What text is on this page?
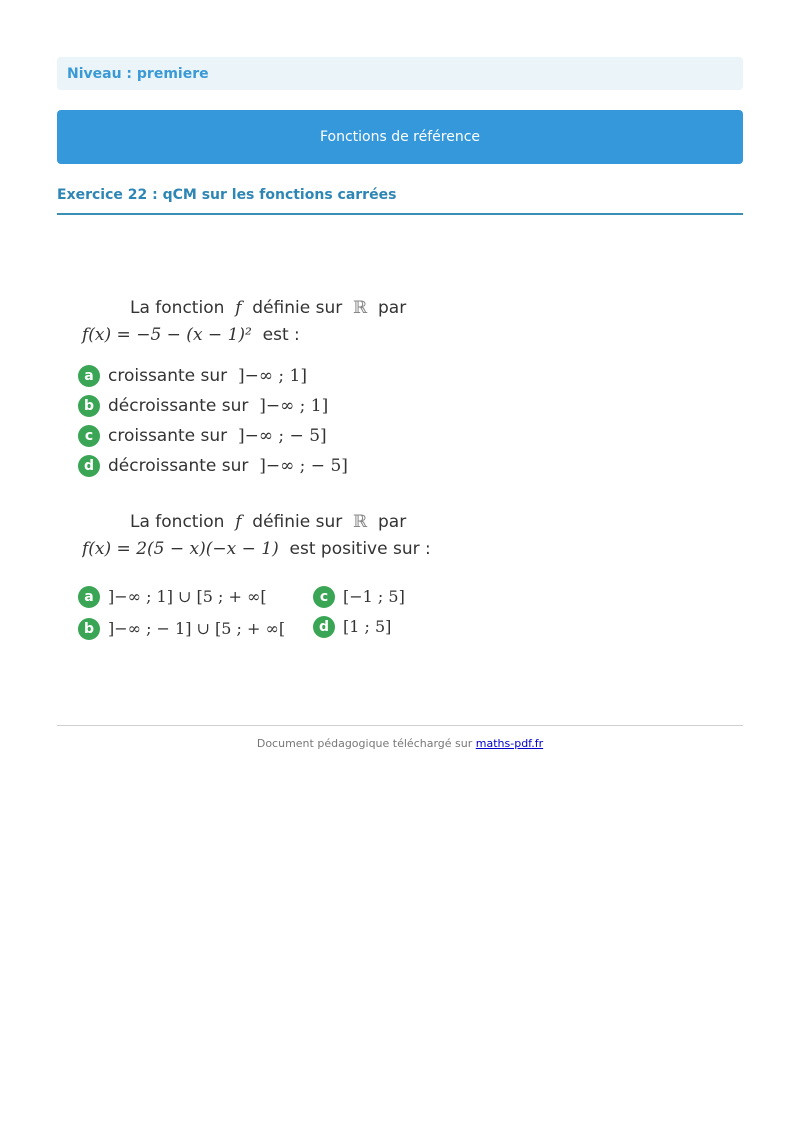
Niveau : premiere
Fonctions de référence
Exercice 22 : qCM sur les fonctions carrées
La fonction f définie sur ℝ par
f(x) = −5 − (x − 1)² est :
a croissante sur
]−∞ ; 1]
b décroissante sur
]−∞ ; 1]
c croissante sur
]−∞ ; − 5]
d décroissante sur
]−∞ ; − 5]
La fonction f définie sur ℝ par
f(x) = 2(5 − x)(−x − 1) est positive sur :
a ]−∞ ; 1] ∪ [5 ; + ∞[
b ]−∞ ; − 1] ∪ [5 ; + ∞[
c [−1 ; 5]
d [1 ; 5]
Document pédagogique téléchargé sur maths-pdf.fr
